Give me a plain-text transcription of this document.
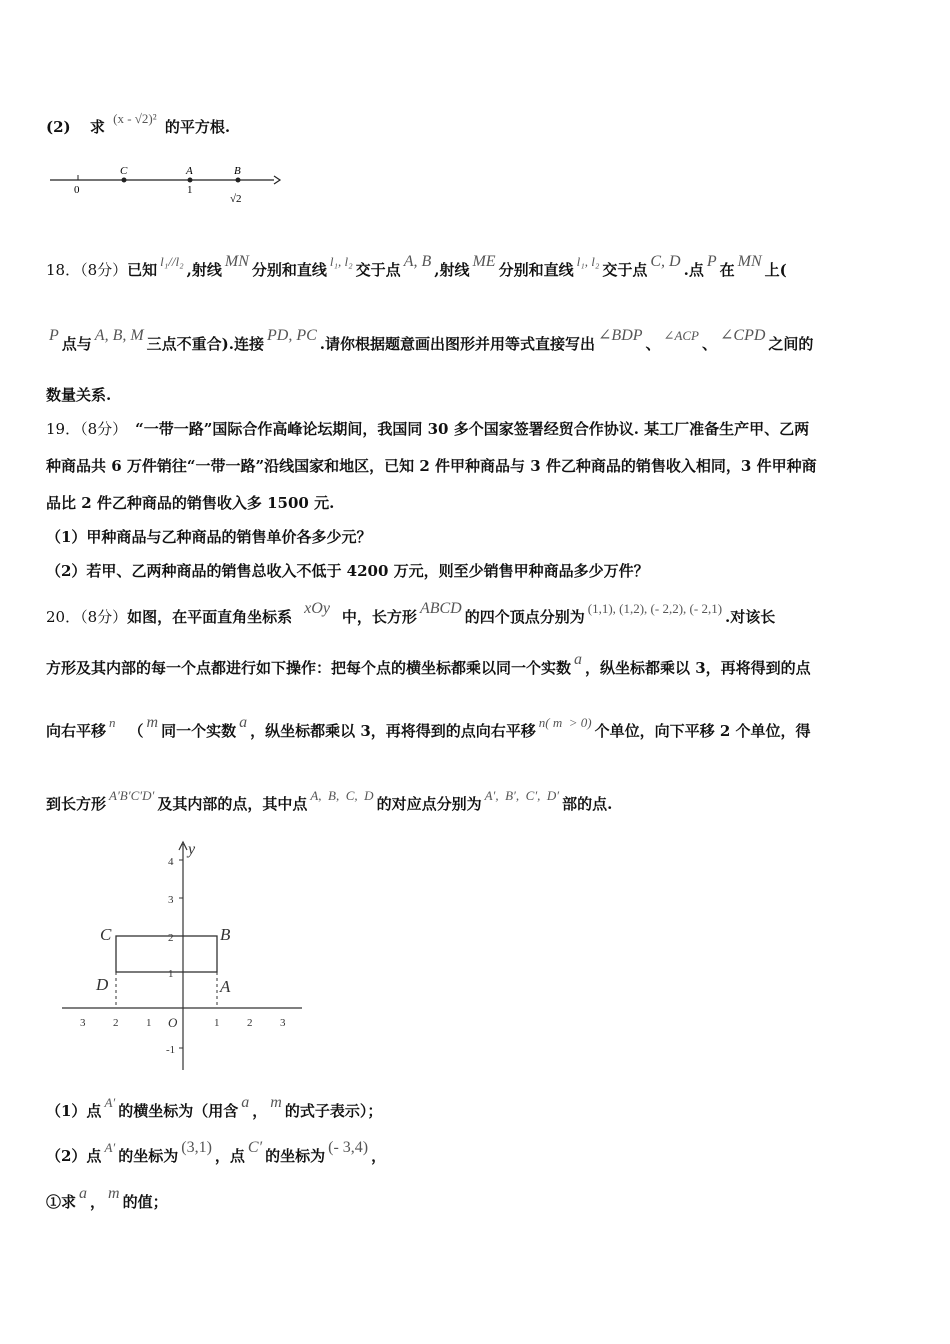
(2) 求 (x - √2)² 的平方根.
C	A	B
0	1
√2
18．（8分）已知 l₁//l₂ ,射线 MN 分别和直线 l₁, l₂ 交于点 A, B ,射线 ME 分别和直线 l₁, l₂ 交于点 C, D .点 P 在 MN 上(
P 点与 A, B, M 三点不重合).连接 PD, PC .请你根据题意画出图形并用等式直接写出 ∠BDP 、 ∠ACP 、 ∠CPD 之间的
数量关系.
19．（8分） “一带一路”国际合作高峰论坛期间，我国同 30 多个国家签署经贸合作协议. 某工厂准备生产甲、乙两
种商品共 6 万件销往“一带一路”沿线国家和地区，已知 2 件甲种商品与 3 件乙种商品的销售收入相同，3 件甲种商
品比 2 件乙种商品的销售收入多 1500 元.
（1）甲种商品与乙种商品的销售单价各多少元？
（2）若甲、乙两种商品的销售总收入不低于 4200 万元，则至少销售甲种商品多少万件？
20．（8分）如图，在平面直角坐标系 xOy 中，长方形 ABCD 的四个顶点分别为 (1,1), (1,2), (- 2,2), (- 2,1) .对该长
方形及其内部的每一个点都进行如下操作：把每个点的横坐标都乘以同一个实数 a ，纵坐标都乘以 3，再将得到的点
向右平移 n （ m 同一个实数 a ，纵坐标都乘以 3，再将得到的点向右平移 n( m  > 0) 个单位，向下平移 2 个单位，得
到长方形 A′B′C′D′ 及其内部的点，其中点 A,  B,  C,  D 的对应点分别为 A′,  B′,  C′,  D′ 部的点.
y
4
3
2
1
-1
3	2	1 O	1	2	3
C	B
D	A
（1）点 A′ 的横坐标为（用含 a ， m 的式子表示）；
（2）点 A′ 的坐标为 (3,1) ，点 C′ 的坐标为 (- 3,4) ，
①求 a ， m 的值；
